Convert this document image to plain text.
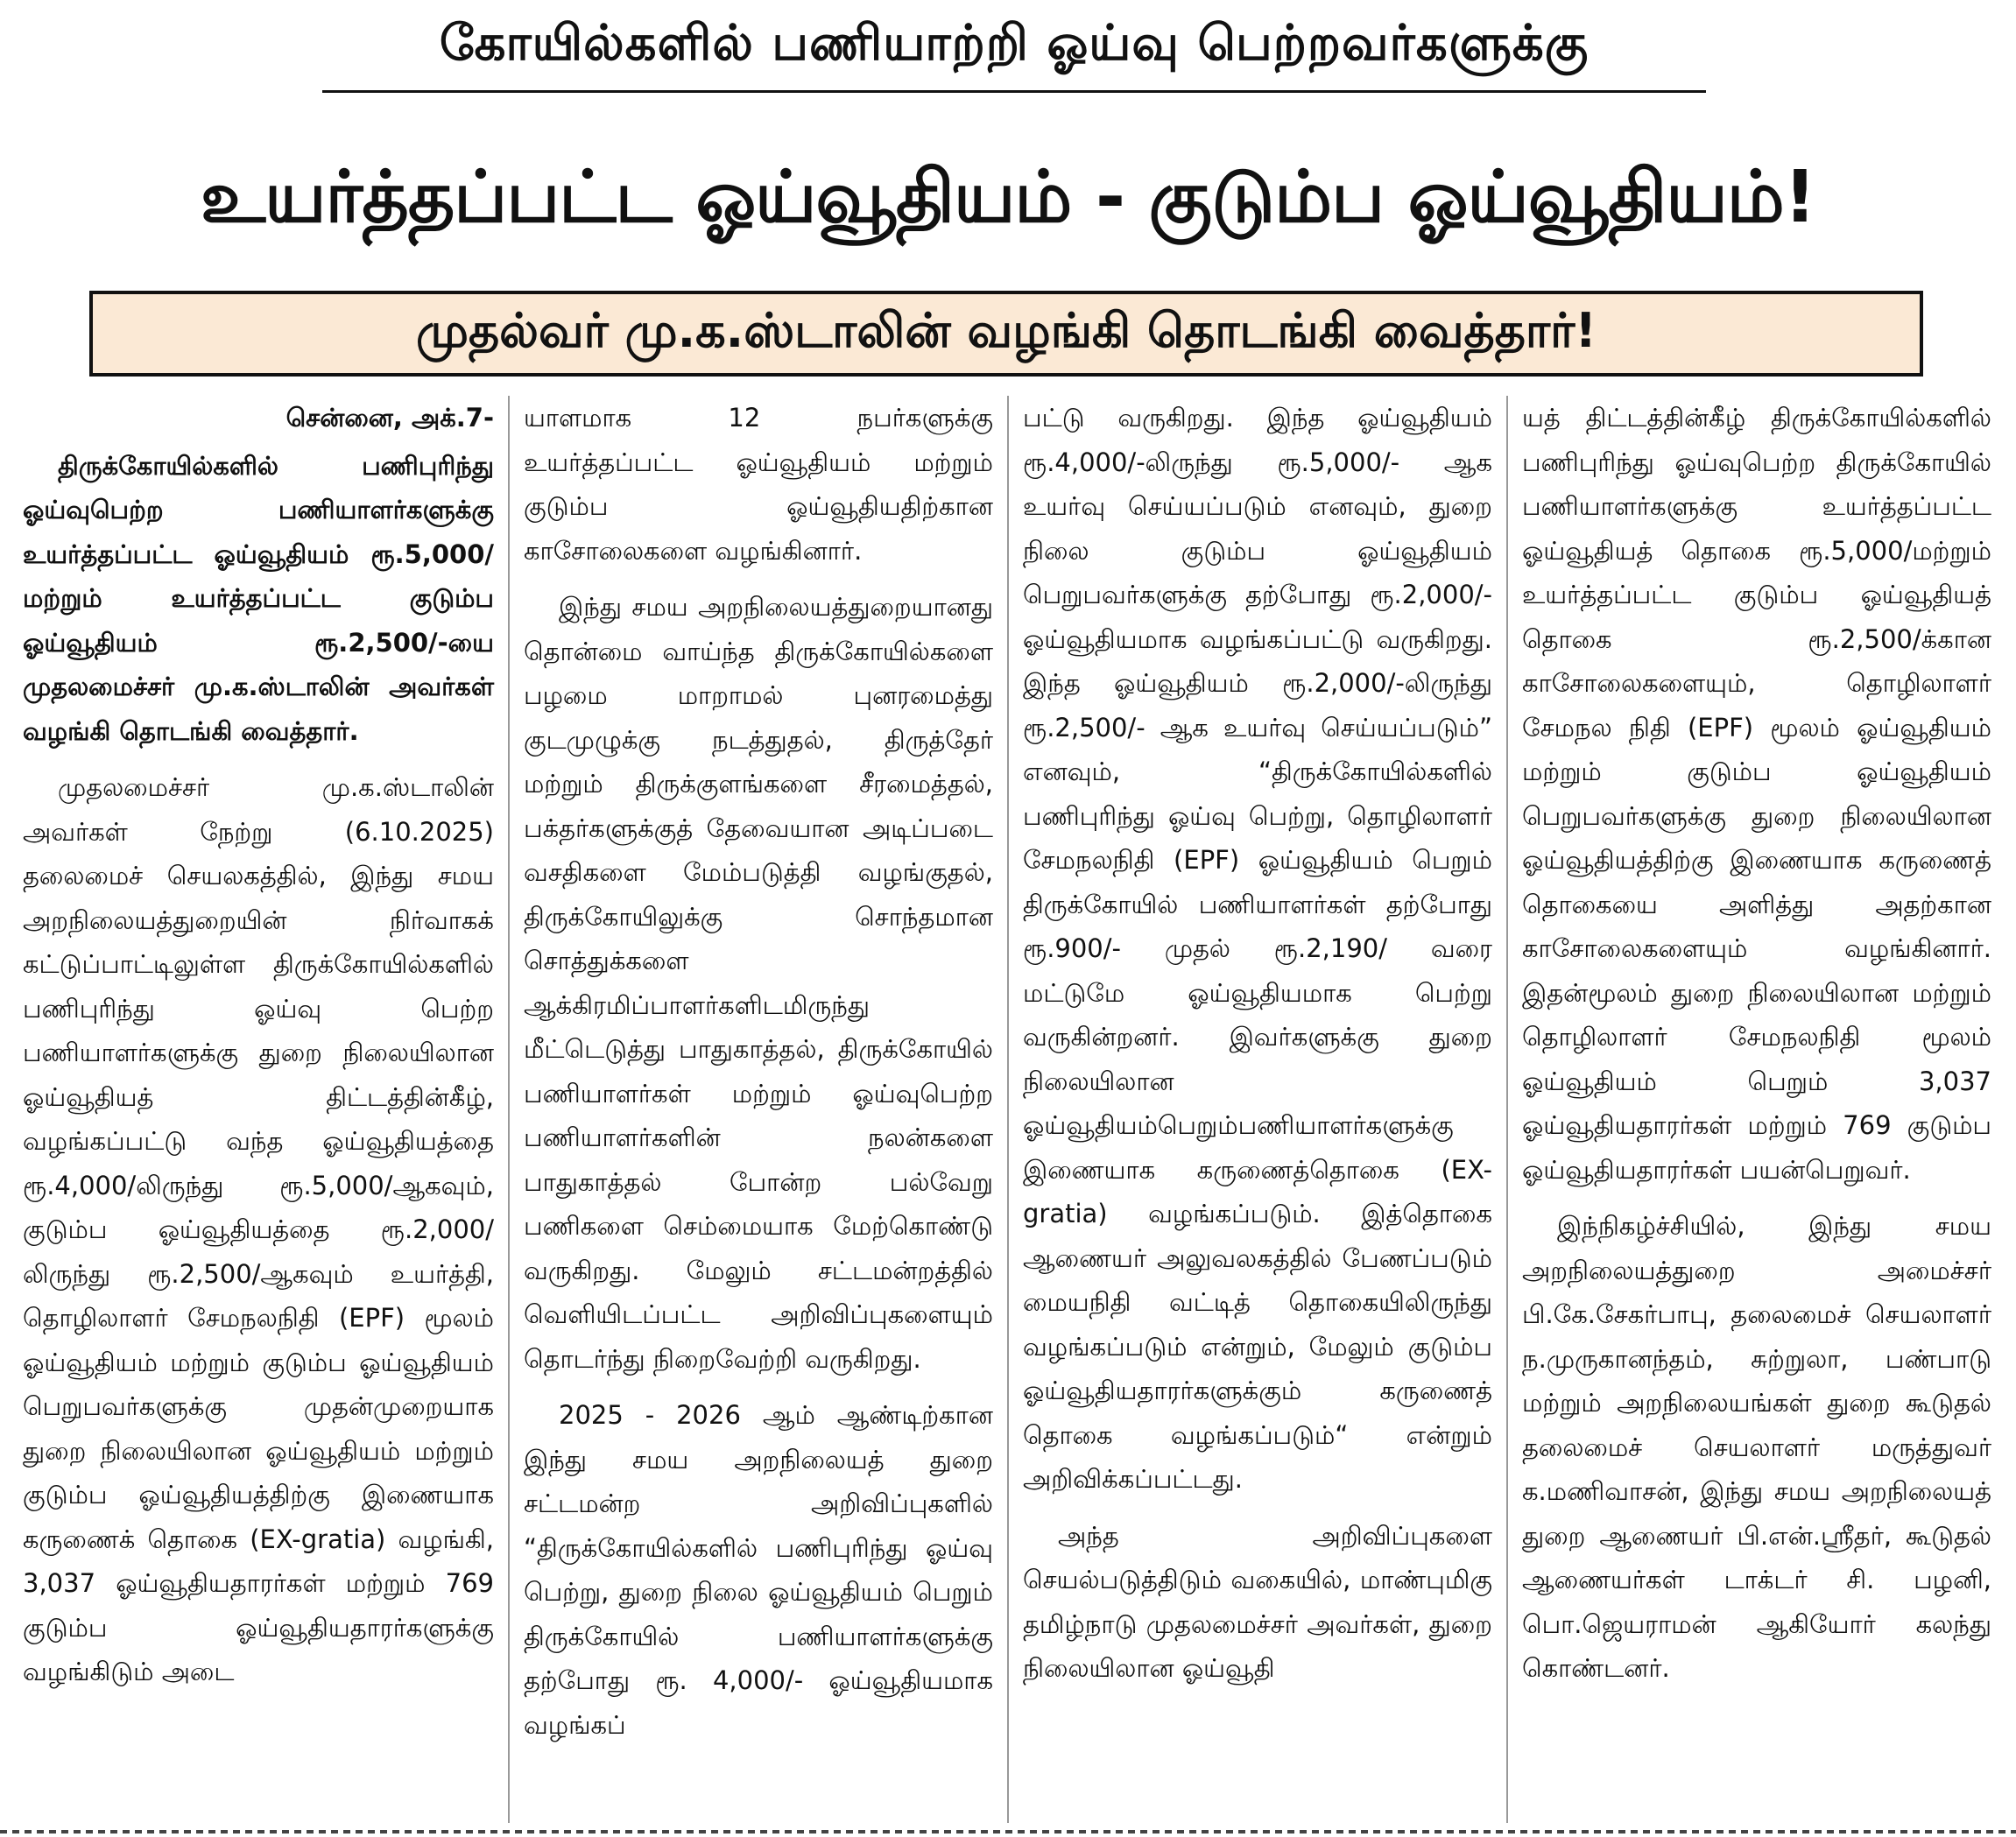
கோயில்களில் பணியாற்றி ஓய்வு பெற்றவர்களுக்கு
உயர்த்தப்பட்ட ஓய்வூதியம் - குடும்ப ஓய்வூதியம்!
முதல்வர் மு.க.ஸ்டாலின் வழங்கி தொடங்கி வைத்தார்!
சென்னை, அக்.7-

திருக்கோயில்களில் பணிபுரிந்து ஓய்வுபெற்ற பணியாளர்களுக்கு உயர்த்தப்பட்ட ஓய்வூதியம் ரூ.5,000/ மற்றும் உயர்த்தப்பட்ட குடும்ப ஓய்வூதியம் ரூ.2,500/-யை முதலமைச்சர் மு.க.ஸ்டாலின் அவர்கள் வழங்கி தொடங்கி வைத்தார்.

முதலமைச்சர் மு.க.ஸ்டாலின் அவர்கள் நேற்று (6.10.2025) தலைமைச் செயலகத்தில், இந்து சமய அறநிலையத்துறையின் நிர்வாகக் கட்டுப்பாட்டிலுள்ள திருக்கோயில்களில் பணிபுரிந்து ஓய்வு பெற்ற பணியாளர்களுக்கு துறை நிலையிலான ஓய்வூதியத் திட்டத்தின்கீழ், வழங்கப்பட்டு வந்த ஓய்வூதியத்தை ரூ.4,000/லிருந்து ரூ.5,000/ஆகவும், குடும்ப ஓய்வூதியத்தை ரூ.2,000/லிருந்து ரூ.2,500/ஆகவும் உயர்த்தி, தொழிலாளர் சேமநலநிதி (EPF) மூலம் ஓய்வூதியம் மற்றும் குடும்ப ஓய்வூதியம் பெறுபவர்களுக்கு முதன்முறையாக துறை நிலையிலான ஓய்வூதியம் மற்றும் குடும்ப ஓய்வூதியத்திற்கு இணையாக கருணைக் தொகை (EX-gratia) வழங்கி, 3,037 ஓய்வூதியதாரர்கள் மற்றும் 769 குடும்ப ஓய்வூதியதாரர்களுக்கு வழங்கிடும் அடை

யாளமாக 12 நபர்களுக்கு உயர்த்தப்பட்ட ஓய்வூதியம் மற்றும் குடும்ப ஓய்வூதியதிற்கான காசோலைகளை வழங்கினார்.

இந்து சமய அறநிலையத்துறையானது தொன்மை வாய்ந்த திருக்கோயில்களை பழமை மாறாமல் புனரமைத்து குடமுழுக்கு நடத்துதல், திருத்தேர் மற்றும் திருக்குளங்களை சீரமைத்தல், பக்தர்களுக்குத் தேவையான அடிப்படை வசதிகளை மேம்படுத்தி வழங்குதல், திருக்கோயிலுக்கு சொந்தமான சொத்துக்களை ஆக்கிரமிப்பாளர்களிடமிருந்து மீட்டெடுத்து பாதுகாத்தல், திருக்கோயில் பணியாளர்கள் மற்றும் ஓய்வுபெற்ற பணியாளர்களின் நலன்களை பாதுகாத்தல் போன்ற பல்வேறு பணிகளை செம்மையாக மேற்கொண்டு வருகிறது. மேலும் சட்டமன்றத்தில் வெளியிடப்பட்ட அறிவிப்புகளையும் தொடர்ந்து நிறைவேற்றி வருகிறது.

2025 - 2026 ஆம் ஆண்டிற்கான இந்து சமய அறநிலையத் துறை சட்டமன்ற அறிவிப்புகளில் “திருக்கோயில்களில் பணிபுரிந்து ஓய்வு பெற்று, துறை நிலை ஓய்வூதியம் பெறும் திருக்கோயில் பணியாளர்களுக்கு தற்போது ரூ. 4,000/- ஓய்வூதியமாக வழங்கப்

பட்டு வருகிறது. இந்த ஓய்வூதியம் ரூ.4,000/-லிருந்து ரூ.5,000/- ஆக உயர்வு செய்யப்படும் எனவும், துறை நிலை குடும்ப ஓய்வூதியம் பெறுபவர்களுக்கு தற்போது ரூ.2,000/- ஓய்வூதியமாக வழங்கப்பட்டு வருகிறது. இந்த ஓய்வூதியம் ரூ.2,000/-லிருந்து ரூ.2,500/- ஆக உயர்வு செய்யப்படும்” எனவும், “திருக்கோயில்களில் பணிபுரிந்து ஓய்வு பெற்று, தொழிலாளர் சேமநலநிதி (EPF) ஓய்வூதியம் பெறும் திருக்கோயில் பணியாளர்கள் தற்போது ரூ.900/- முதல் ரூ.2,190/ வரை மட்டுமே ஓய்வூதியமாக பெற்று வருகின்றனர். இவர்களுக்கு துறை நிலையிலான ஓய்வூதியம்பெறும்பணியாளர்களுக்கு இணையாக கருணைத்தொகை (EX-gratia) வழங்கப்படும். இத்தொகை ஆணையர் அலுவலகத்தில் பேணப்படும் மையநிதி வட்டித் தொகையிலிருந்து வழங்கப்படும் என்றும், மேலும் குடும்ப ஓய்வூதியதாரர்களுக்கும் கருணைத் தொகை வழங்கப்படும்“ என்றும் அறிவிக்கப்பட்டது.

அந்த அறிவிப்புகளை செயல்படுத்திடும் வகையில், மாண்புமிகு தமிழ்நாடு முதலமைச்சர் அவர்கள், துறை நிலையிலான ஓய்வூதி

யத் திட்டத்தின்கீழ் திருக்கோயில்களில் பணிபுரிந்து ஓய்வுபெற்ற திருக்கோயில் பணியாளர்களுக்கு உயர்த்தப்பட்ட ஓய்வூதியத் தொகை ரூ.5,000/மற்றும் உயர்த்தப்பட்ட குடும்ப ஓய்வூதியத் தொகை ரூ.2,500/க்கான காசோலைகளையும், தொழிலாளர் சேமநல நிதி (EPF) மூலம் ஓய்வூதியம் மற்றும் குடும்ப ஓய்வூதியம் பெறுபவர்களுக்கு துறை நிலையிலான ஓய்வூதியத்திற்கு இணையாக கருணைத் தொகையை அளித்து அதற்கான காசோலைகளையும் வழங்கினார். இதன்மூலம் துறை நிலையிலான மற்றும் தொழிலாளர் சேமநலநிதி மூலம் ஓய்வூதியம் பெறும் 3,037 ஓய்வூதியதாரர்கள் மற்றும் 769 குடும்ப ஓய்வூதியதாரர்கள் பயன்பெறுவர்.

இந்நிகழ்ச்சியில், இந்து சமய அறநிலையத்துறை அமைச்சர் பி.கே.சேகர்பாபு, தலைமைச் செயலாளர் ந.முருகானந்தம், சுற்றுலா, பண்பாடு மற்றும் அறநிலையங்கள் துறை கூடுதல் தலைமைச் செயலாளர் மருத்துவர் க.மணிவாசன், இந்து சமய அறநிலையத் துறை ஆணையர் பி.என்.ஸ்ரீதர், கூடுதல் ஆணையர்கள் டாக்டர் சி. பழனி, பொ.ஜெயராமன் ஆகியோர் கலந்து கொண்டனர்.
